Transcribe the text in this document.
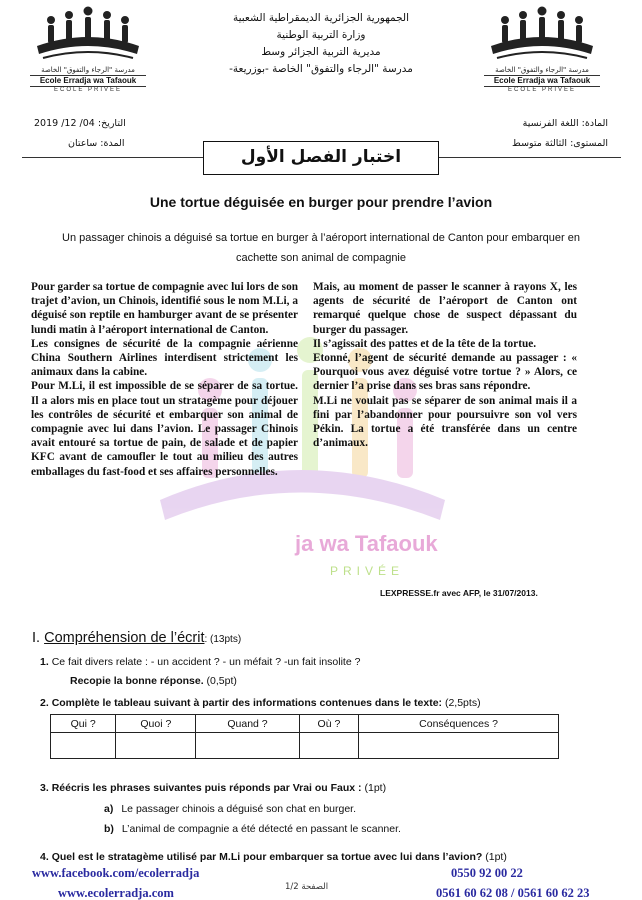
مدرسة "الرجاء والتفوق" الخاصة
Ecole Erradja wa Tafaouk
ECOLE PRIVEE
مدرسة "الرجاء والتفوق" الخاصة
Ecole Erradja wa Tafaouk
ECOLE PRIVEE
الجمهورية الجزائرية الديمقراطية الشعبية
وزارة التربية الوطنية
مديرية التربية الجزائر وسط
مدرسة "الرجاء والتفوق" الخاصة -بوزريعة-
التاريخ: 04/ 12/ 2019
المدة: ساعتان
المادة: اللغة الفرنسية
المستوى: الثالثة متوسط
اختبار الفصل الأول
Une tortue déguisée en burger pour prendre l’avion
Un passager chinois a déguisé sa tortue en burger à l’aéroport international de Canton pour embarquer en cachette son animal de compagnie
ja wa Tafaouk
PRIVÉE

Pour garder sa tortue de compagnie avec lui lors de son trajet d’avion, un Chinois, identifié sous le nom M.Li, a déguisé son reptile en hamburger avant de se présenter lundi matin à l’aéroport international de Canton.

Les consignes de sécurité de la compagnie aérienne China Southern Airlines interdisent strictement les animaux dans la cabine.

Pour M.Li, il est impossible de se séparer de sa tortue. Il a alors mis en place tout un stratagème pour déjouer les contrôles de sécurité et embarquer son animal de compagnie avec lui dans l’avion. Le passager Chinois avait entouré sa tortue de pain, de salade et de papier KFC avant de camoufler le tout au milieu des autres emballages du fast-food et ses affaires personnelles.

Mais, au moment de passer le scanner à rayons X, les agents de sécurité de l’aéroport de Canton ont remarqué quelque chose de suspect dépassant du burger du passager.

Il s’agissait des pattes et de la tête de la tortue.

Etonné, l’agent de sécurité demande au passager : « Pourquoi vous avez déguisé votre tortue ? » Alors, ce dernier l’a prise dans ses bras sans répondre.

M.Li ne voulait pas se séparer de son animal mais il a fini par l’abandonner pour poursuivre son vol vers Pékin. La tortue a été transférée dans un centre d’animaux.

LEXPRESSE.fr avec AFP, le 31/07/2013.
I. Compréhension de l’écrit: (13pts)
1. Ce fait divers relate : - un accident ? - un méfait ? -un fait insolite ?
Recopie la bonne réponse. (0,5pt)
2. Complète le tableau suivant à partir des informations contenues dans le texte: (2,5pts)
Qui ?	Quoi ?	Quand ?	Où ?	Conséquences ?

3. Réécris les phrases suivantes puis réponds par Vrai ou Faux : (1pt)
a) Le passager chinois a déguisé son chat en burger.
b) L’animal de compagnie a été détecté en passant le scanner.
4. Quel est le stratagème utilisé par M.Li pour embarquer sa tortue avec lui dans l’avion? (1pt)
www.facebook.com/ecolerradja
www.ecolerradja.com
0550 92 00 22
0561 60 62 08 / 0561 60 62 23
الصفحة 1/2
